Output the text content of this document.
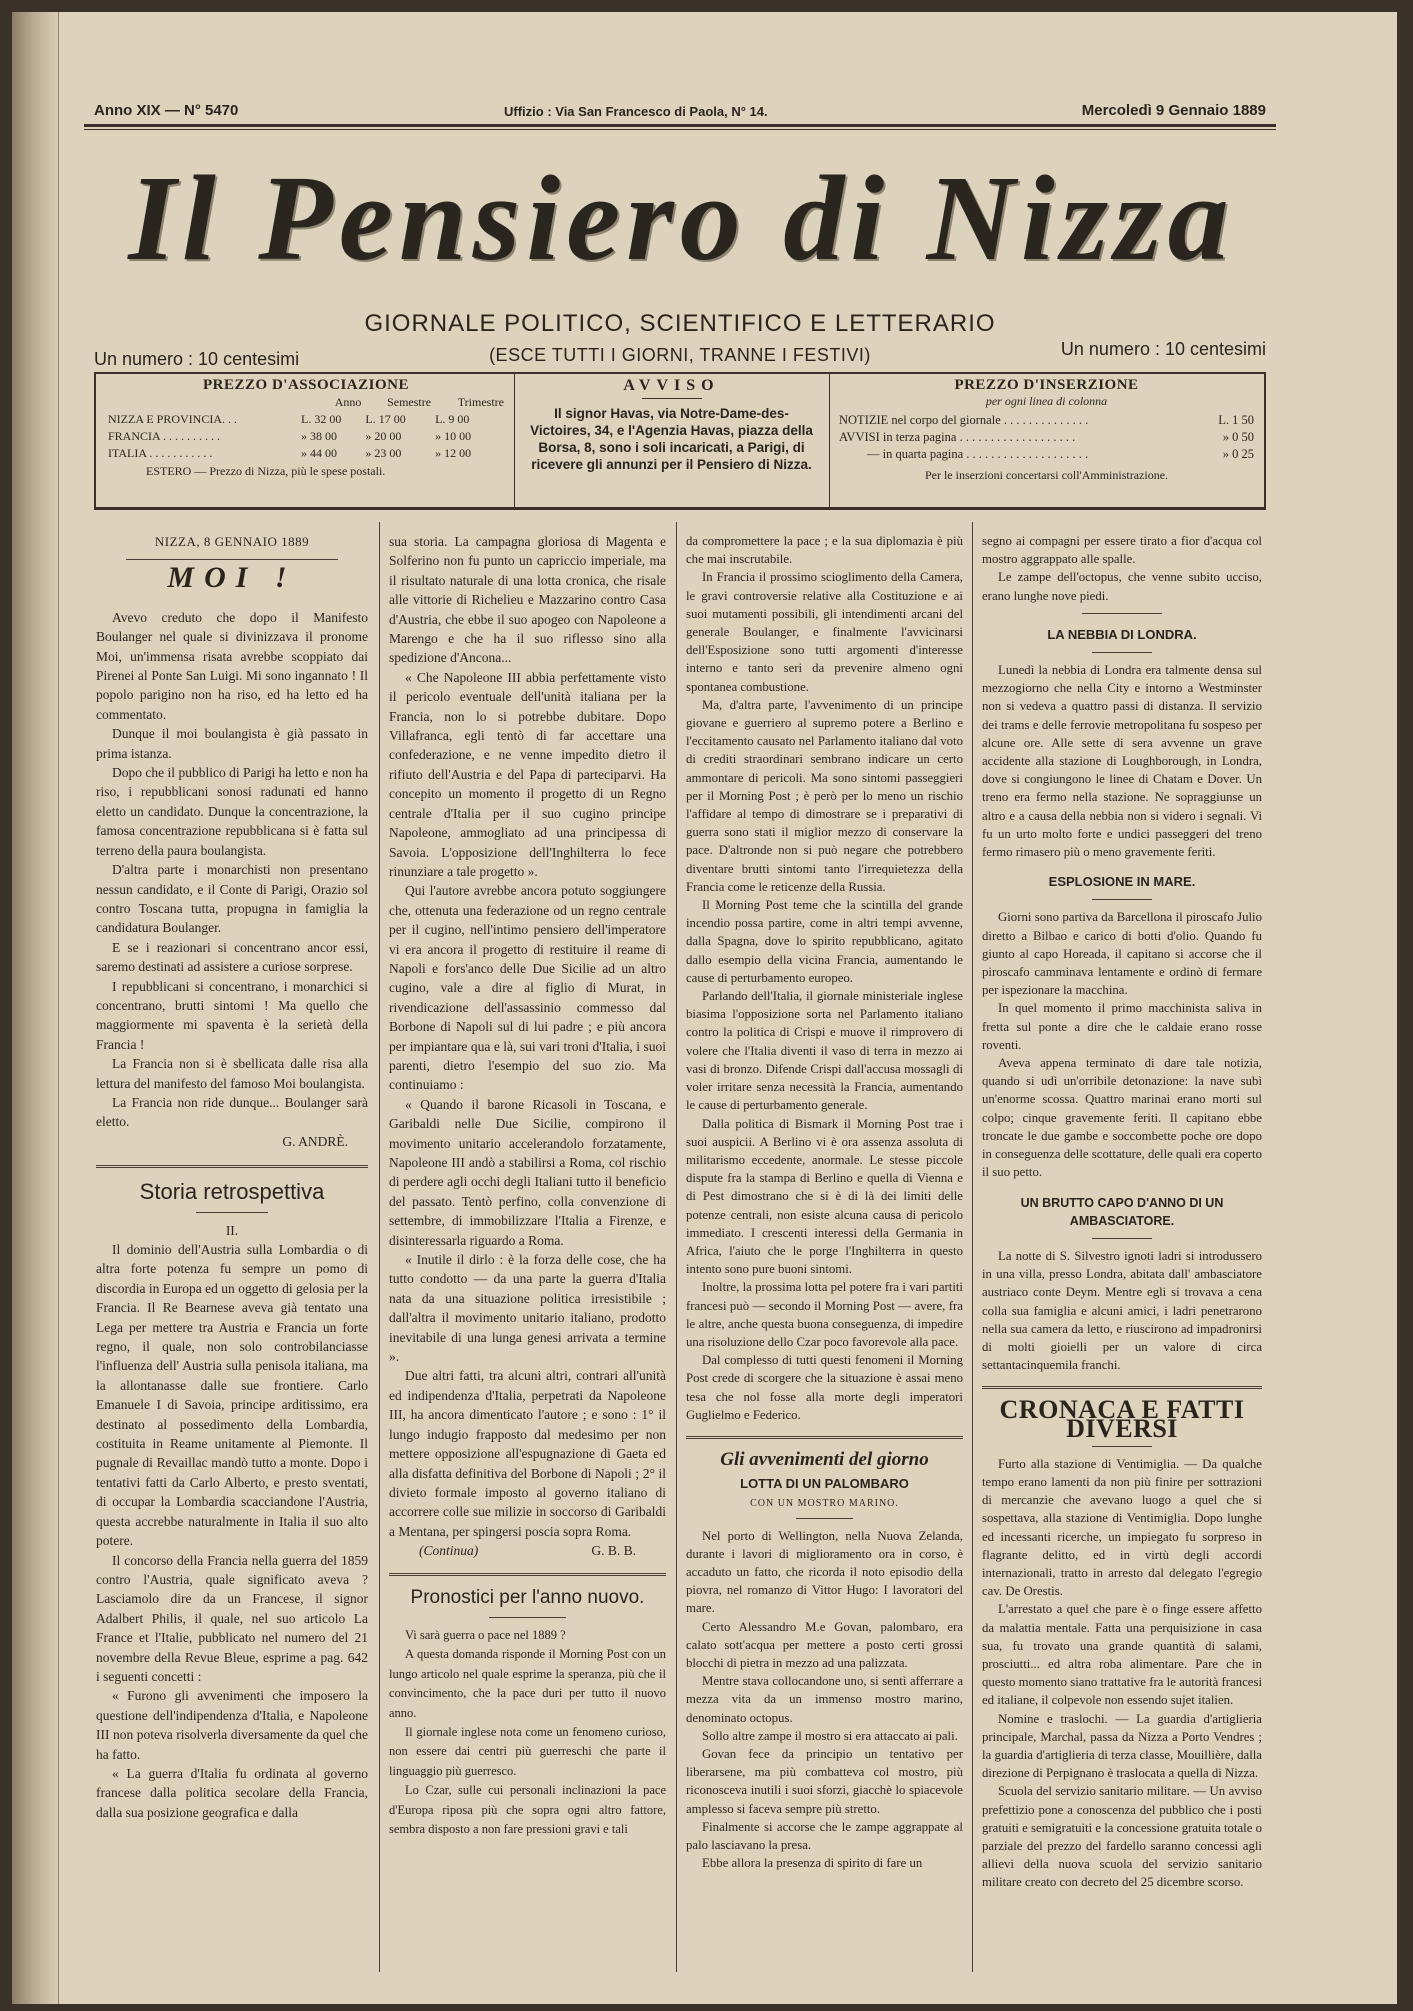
Anno XIX — N° 5470	Uffizio : Via San Francesco di Paola, N° 14.	Mercoledì 9 Gennaio 1889
Il Pensiero di Nizza
GIORNALE POLITICO, SCIENTIFICO E LETTERARIO
(ESCE TUTTI I GIORNI, TRANNE I FESTIVI)
Un numero : 10 centesimi	Un numero : 10 centesimi
PREZZO D'ASSOCIAZIONE
	Anno	Semestre	Trimestre
NIZZA E PROVINCIA. . .	L. 32 00	L. 17 00	L. 9 00
FRANCIA . . . . . . . . . .	» 38 00	» 20 00	» 10 00
ITALIA . . . . . . . . . . .	» 44 00	» 23 00	» 12 00
ESTERO — Prezzo di Nizza, più le spese postali.
AVVISO
Il signor Havas, via Notre-Dame-des-Victoires, 34, e l'Agenzia Havas, piazza della Borsa, 8, sono i soli incaricati, a Parigi, di ricevere gli annunzi per il Pensiero di Nizza.
PREZZO D'INSERZIONE
per ogni linea di colonna
NOTIZIE nel corpo del giornale . . . . . . . . . . . . . .	L. 1 50
AVVISI in terza pagina . . . . . . . . . . . . . . . . . . .	» 0 50
— in quarta pagina . . . . . . . . . . . . . . . . . . . .	» 0 25
Per le inserzioni concertarsi coll'Amministrazione.

NIZZA, 8 GENNAIO 1889

MOI !

Avevo creduto che dopo il Manifesto Boulanger nel quale si divinizzava il pronome Moi, un'immensa risata avrebbe scoppiato dai Pirenei al Ponte San Luigi. Mi sono ingannato ! Il popolo parigino non ha riso, ed ha letto ed ha commentato.

Dunque il moi boulangista è già passato in prima istanza.

Dopo che il pubblico di Parigi ha letto e non ha riso, i repubblicani sonosi radunati ed hanno eletto un candidato. Dunque la concentrazione, la famosa concentrazione repubblicana si è fatta sul terreno della paura boulangista.

D'altra parte i monarchisti non presentano nessun candidato, e il Conte di Parigi, Orazio sol contro Toscana tutta, propugna in famiglia la candidatura Boulanger.

E se i reazionari si concentrano ancor essi, saremo destinati ad assistere a curiose sorprese.

I repubblicani si concentrano, i monarchici si concentrano, brutti sintomi ! Ma quello che maggiormente mi spaventa è la serietà della Francia !

La Francia non si è sbellicata dalle risa alla lettura del manifesto del famoso Moi boulangista.

La Francia non ride dunque... Boulanger sarà eletto.

G. ANDRÈ.

Storia retrospettiva

II.

Il dominio dell'Austria sulla Lombardia o di altra forte potenza fu sempre un pomo di discordia in Europa ed un oggetto di gelosia per la Francia. Il Re Bearnese aveva già tentato una Lega per mettere tra Austria e Francia un forte regno, il quale, non solo controbilanciasse l'influenza dell' Austria sulla penisola italiana, ma la allontanasse dalle sue frontiere. Carlo Emanuele I di Savoia, principe arditissimo, era destinato al possedimento della Lombardia, costituita in Reame unitamente al Piemonte. Il pugnale di Revaillac mandò tutto a monte. Dopo i tentativi fatti da Carlo Alberto, e presto sventati, di occupar la Lombardia scacciandone l'Austria, questa accrebbe naturalmente in Italia il suo alto potere.

Il concorso della Francia nella guerra del 1859 contro l'Austria, quale significato aveva ? Lasciamolo dire da un Francese, il signor Adalbert Philis, il quale, nel suo articolo La France et l'Italie, pubblicato nel numero del 21 novembre della Revue Bleue, esprime a pag. 642 i seguenti concetti :

« Furono gli avvenimenti che imposero la questione dell'indipendenza d'Italia, e Napoleone III non poteva risolverla diversamente da quel che ha fatto.

« La guerra d'Italia fu ordinata al governo francese dalla politica secolare della Francia, dalla sua posizione geografica e dalla

sua storia. La campagna gloriosa di Magenta e Solferino non fu punto un capriccio imperiale, ma il risultato naturale di una lotta cronica, che risale alle vittorie di Richelieu e Mazzarino contro Casa d'Austria, che ebbe il suo apogeo con Napoleone a Marengo e che ha il suo riflesso sino alla spedizione d'Ancona...

« Che Napoleone III abbia perfettamente visto il pericolo eventuale dell'unità italiana per la Francia, non lo si potrebbe dubitare. Dopo Villafranca, egli tentò di far accettare una confederazione, e ne venne impedito dietro il rifiuto dell'Austria e del Papa di parteciparvi. Ha concepito un momento il progetto di un Regno centrale d'Italia per il suo cugino principe Napoleone, ammogliato ad una principessa di Savoia. L'opposizione dell'Inghilterra lo fece rinunziare a tale progetto ».

Qui l'autore avrebbe ancora potuto soggiungere che, ottenuta una federazione od un regno centrale per il cugino, nell'intimo pensiero dell'imperatore vi era ancora il progetto di restituire il reame di Napoli e fors'anco delle Due Sicilie ad un altro cugino, vale a dire al figlio di Murat, in rivendicazione dell'assassinio commesso dal Borbone di Napoli sul di lui padre ; e più ancora per impiantare qua e là, sui vari troni d'Italia, i suoi parenti, dietro l'esempio del suo zio. Ma continuiamo :

« Quando il barone Ricasoli in Toscana, e Garibaldi nelle Due Sicilie, compirono il movimento unitario accelerandolo forzatamente, Napoleone III andò a stabilirsi a Roma, col rischio di perdere agli occhi degli Italiani tutto il beneficio del passato. Tentò perfino, colla convenzione di settembre, di immobilizzare l'Italia a Firenze, e disinteressarla riguardo a Roma.

« Inutile il dirlo : è la forza delle cose, che ha tutto condotto — da una parte la guerra d'Italia nata da una situazione politica irresistibile ; dall'altra il movimento unitario italiano, prodotto inevitabile di una lunga genesi arrivata a termine ».

Due altri fatti, tra alcuni altri, contrari all'unità ed indipendenza d'Italia, perpetrati da Napoleone III, ha ancora dimenticato l'autore ; e sono : 1° il lungo indugio frapposto dal medesimo per non mettere opposizione all'espugnazione di Gaeta ed alla disfatta definitiva del Borbone di Napoli ; 2° il divieto formale imposto al governo italiano di accorrere colle sue milizie in soccorso di Garibaldi a Mentana, per spingersi poscia sopra Roma.

(Continua)	G. B. B.
Pronostici per l'anno nuovo.

Vi sarà guerra o pace nel 1889 ?

A questa domanda risponde il Morning Post con un lungo articolo nel quale esprime la speranza, più che il convincimento, che la pace duri per tutto il nuovo anno.

Il giornale inglese nota come un fenomeno curioso, non essere dai centri più guerreschi che parte il linguaggio più guerresco.

Lo Czar, sulle cui personali inclinazioni la pace d'Europa riposa più che sopra ogni altro fattore, sembra disposto a non fare pressioni gravi e tali

da compromettere la pace ; e la sua diplomazia è più che mai inscrutabile.

In Francia il prossimo scioglimento della Camera, le gravi controversie relative alla Costituzione e ai suoi mutamenti possibili, gli intendimenti arcani del generale Boulanger, e finalmente l'avvicinarsi dell'Esposizione sono tutti argomenti d'interesse interno e tanto seri da prevenire almeno ogni spontanea combustione.

Ma, d'altra parte, l'avvenimento di un principe giovane e guerriero al supremo potere a Berlino e l'eccitamento causato nel Parlamento italiano dal voto di crediti straordinari sembrano indicare un certo ammontare di pericoli. Ma sono sintomi passeggieri per il Morning Post ; è però per lo meno un rischio l'affidare al tempo di dimostrare se i preparativi di guerra sono stati il miglior mezzo di conservare la pace. D'altronde non si può negare che potrebbero diventare brutti sintomi tanto l'irrequietezza della Francia come le reticenze della Russia.

Il Morning Post teme che la scintilla del grande incendio possa partire, come in altri tempi avvenne, dalla Spagna, dove lo spirito repubblicano, agitato dallo esempio della vicina Francia, aumentando le cause di perturbamento europeo.

Parlando dell'Italia, il giornale ministeriale inglese biasima l'opposizione sorta nel Parlamento italiano contro la politica di Crispi e muove il rimprovero di volere che l'Italia diventi il vaso di terra in mezzo ai vasi di bronzo. Difende Crispi dall'accusa mossagli di voler irritare senza necessità la Francia, aumentando le cause di perturbamento generale.

Dalla politica di Bismark il Morning Post trae i suoi auspicii. A Berlino vi è ora assenza assoluta di militarismo eccedente, anormale. Le stesse piccole dispute fra la stampa di Berlino e quella di Vienna e di Pest dimostrano che si è di là dei limiti delle potenze centrali, non esiste alcuna causa di pericolo immediato. I crescenti interessi della Germania in Africa, l'aiuto che le porge l'Inghilterra in questo intento sono pure buoni sintomi.

Inoltre, la prossima lotta pel potere fra i vari partiti francesi può — secondo il Morning Post — avere, fra le altre, anche questa buona conseguenza, di impedire una risoluzione dello Czar poco favorevole alla pace.

Dal complesso di tutti questi fenomeni il Morning Post crede di scorgere che la situazione è assai meno tesa che nol fosse alla morte degli imperatori Guglielmo e Federico.

Gli avvenimenti del giorno
LOTTA DI UN PALOMBARO

CON UN MOSTRO MARINO.

Nel porto di Wellington, nella Nuova Zelanda, durante i lavori di miglioramento ora in corso, è accaduto un fatto, che ricorda il noto episodio della piovra, nel romanzo di Vittor Hugo: I lavoratori del mare.

Certo Alessandro M.e Govan, palombaro, era calato sott'acqua per mettere a posto certi grossi blocchi di pietra in mezzo ad una palizzata.

Mentre stava collocandone uno, si sentì afferrare a mezza vita da un immenso mostro marino, denominato octopus.

Sollo altre zampe il mostro si era attaccato ai pali.

Govan fece da principio un tentativo per liberarsene, ma più combatteva col mostro, più riconosceva inutili i suoi sforzi, giacchè lo spiacevole amplesso si faceva sempre più stretto.

Finalmente si accorse che le zampe aggrappate al palo lasciavano la presa.

Ebbe allora la presenza di spirito di fare un

segno ai compagni per essere tirato a fior d'acqua col mostro aggrappato alle spalle.

Le zampe dell'octopus, che venne subito ucciso, erano lunghe nove piedi.

LA NEBBIA DI LONDRA.

Lunedì la nebbia di Londra era talmente densa sul mezzogiorno che nella City e intorno a Westminster non si vedeva a quattro passi di distanza. Il servizio dei trams e delle ferrovie metropolitana fu sospeso per alcune ore. Alle sette di sera avvenne un grave accidente alla stazione di Loughborough, in Londra, dove si congiungono le linee di Chatam e Dover. Un treno era fermo nella stazione. Ne sopraggiunse un altro e a causa della nebbia non si videro i segnali. Vi fu un urto molto forte e undici passeggeri del treno fermo rimasero più o meno gravemente feriti.

ESPLOSIONE IN MARE.

Giorni sono partiva da Barcellona il piroscafo Julio diretto a Bilbao e carico di botti d'olio. Quando fu giunto al capo Horeada, il capitano si accorse che il piroscafo camminava lentamente e ordinò di fermare per ispezionare la macchina.

In quel momento il primo macchinista saliva in fretta sul ponte a dire che le caldaie erano rosse roventi.

Aveva appena terminato di dare tale notizia, quando si udì un'orribile detonazione: la nave subì un'enorme scossa. Quattro marinai erano morti sul colpo; cinque gravemente feriti. Il capitano ebbe troncate le due gambe e soccombette poche ore dopo in conseguenza delle scottature, delle quali era coperto il suo petto.

UN BRUTTO CAPO D'ANNO DI UN AMBASCIATORE.

La notte di S. Silvestro ignoti ladri si introdussero in una villa, presso Londra, abitata dall' ambasciatore austriaco conte Deym. Mentre egli si trovava a cena colla sua famiglia e alcuni amici, i ladri penetrarono nella sua camera da letto, e riuscirono ad impadronirsi di molti gioielli per un valore di circa settantacinquemila franchi.

CRONACA E FATTI DIVERSI

Furto alla stazione di Ventimiglia. — Da qualche tempo erano lamenti da non più finire per sottrazioni di mercanzie che avevano luogo a quel che si sospettava, alla stazione di Ventimiglia. Dopo lunghe ed incessanti ricerche, un impiegato fu sorpreso in flagrante delitto, ed in virtù degli accordi internazionali, tratto in arresto dal delegato l'egregio cav. De Orestis.

L'arrestato a quel che pare è o finge essere affetto da malattia mentale. Fatta una perquisizione in casa sua, fu trovato una grande quantità di salami, prosciutti... ed altra roba alimentare. Pare che in questo momento siano trattative fra le autorità francesi ed italiane, il colpevole non essendo sujet italien.

Nomine e traslochi. — La guardia d'artiglieria principale, Marchal, passa da Nizza a Porto Vendres ; la guardia d'artiglieria di terza classe, Mouillière, dalla direzione di Perpignano è traslocata a quella di Nizza.

Scuola del servizio sanitario militare. — Un avviso prefettizio pone a conoscenza del pubblico che i posti gratuiti e semigratuiti e la concessione gratuita totale o parziale del prezzo del fardello saranno concessi agli allievi della nuova scuola del servizio sanitario militare creato con decreto del 25 dicembre scorso.
